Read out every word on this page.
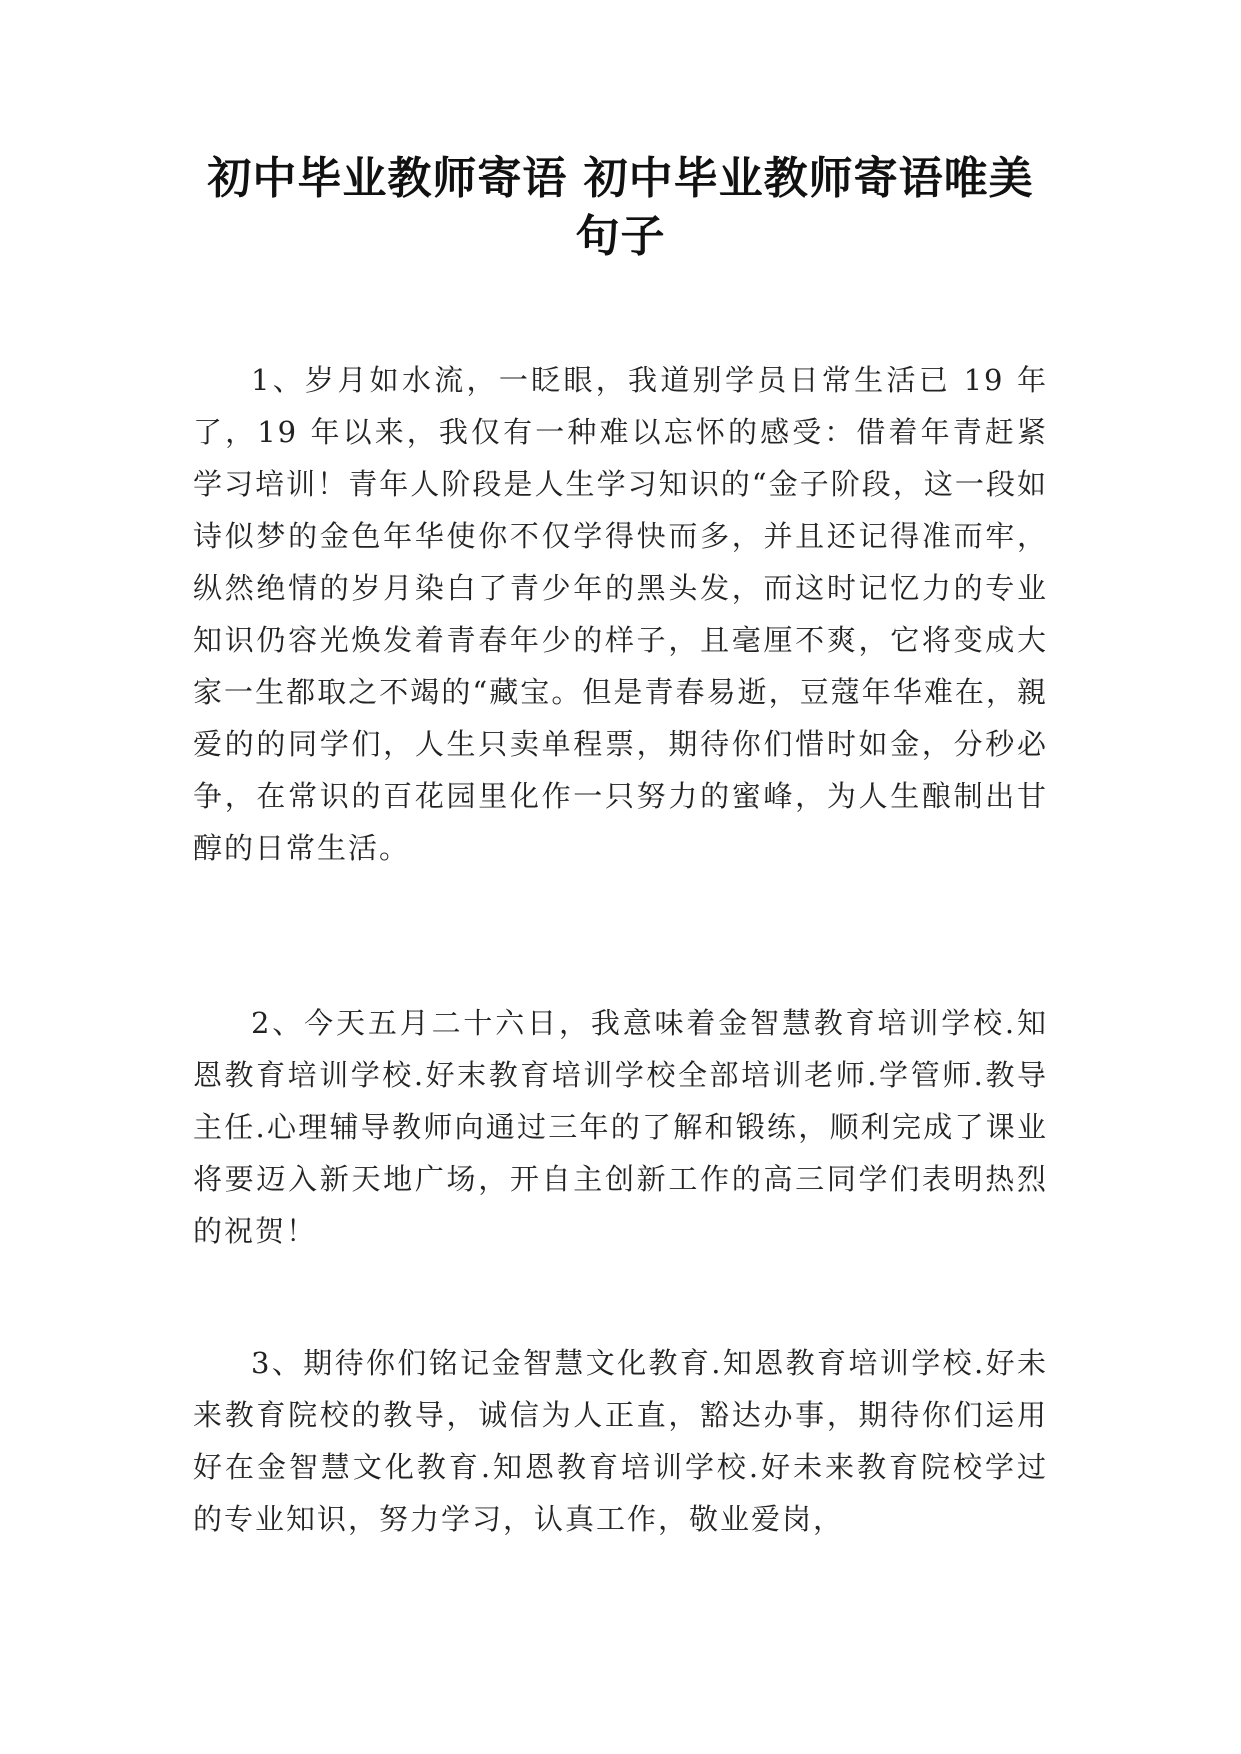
初中毕业教师寄语 初中毕业教师寄语唯美
句子

1、岁月如水流，一眨眼，我道别学员日常生活已 19 年了，19 年以来，我仅有一种难以忘怀的感受：借着年青赶紧学习培训！青年人阶段是人生学习知识的“金子阶段，这一段如诗似梦的金色年华使你不仅学得快而多，并且还记得准而牢，纵然绝情的岁月染白了青少年的黑头发，而这时记忆力的专业知识仍容光焕发着青春年少的样子，且毫厘不爽，它将变成大家一生都取之不竭的“藏宝。但是青春易逝，豆蔻年华难在，親爱的的同学们，人生只卖单程票，期待你们惜时如金，分秒必争，在常识的百花园里化作一只努力的蜜峰，为人生酿制出甘醇的日常生活。

2、今天五月二十六日，我意味着金智慧教育培训学校.知恩教育培训学校.好末教育培训学校全部培训老师.学管师.教导主任.心理辅导教师向通过三年的了解和锻练，顺利完成了课业将要迈入新天地广场，开自主创新工作的高三同学们表明热烈的祝贺！

3、期待你们铭记金智慧文化教育.知恩教育培训学校.好未来教育院校的教导，诚信为人正直，豁达办事，期待你们运用好在金智慧文化教育.知恩教育培训学校.好未来教育院校学过的专业知识，努力学习，认真工作，敬业爱岗，
